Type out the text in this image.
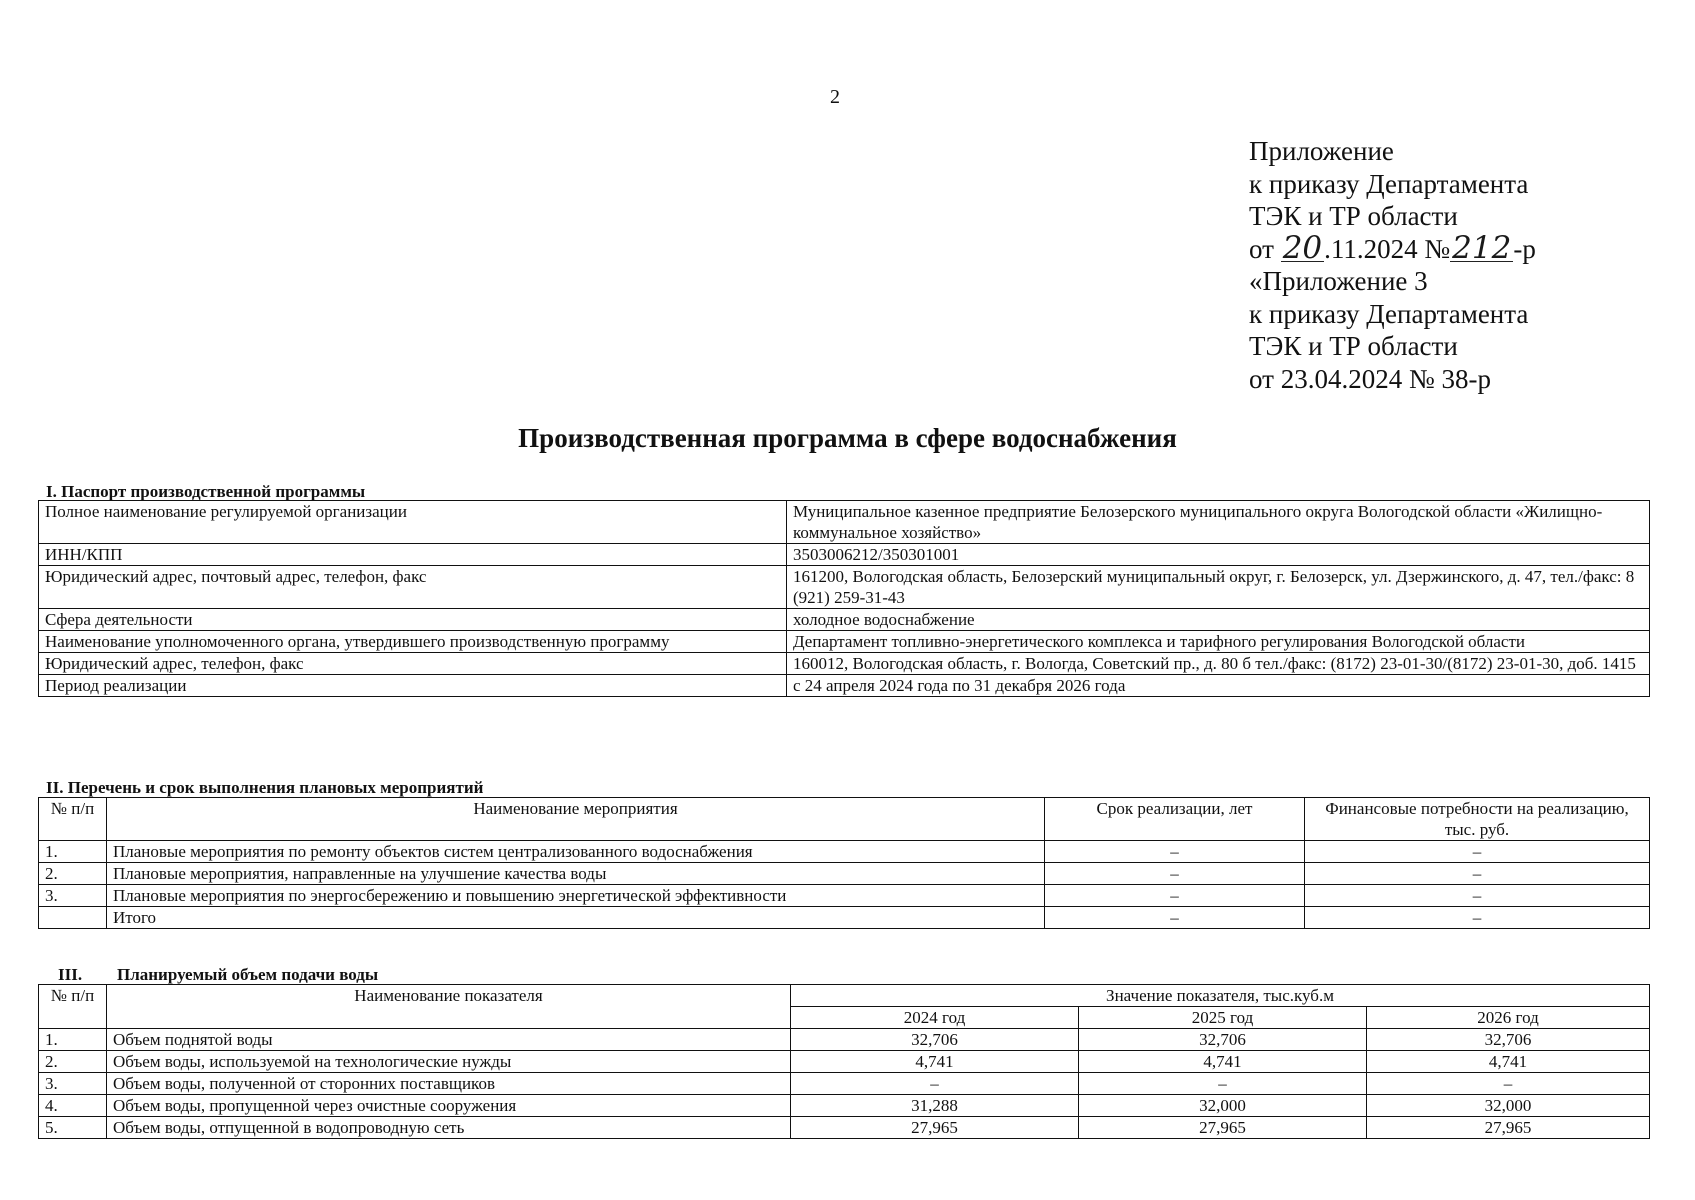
2
Приложение
к приказу Департамента
ТЭК и ТР области
от 20.11.2024 №212-р
«Приложение 3
к приказу Департамента
ТЭК и ТР области
от 23.04.2024 № 38-р
Производственная программа в сфере водоснабжения
I. Паспорт производственной программы
Полное наименование регулируемой организации	Муниципальное казенное предприятие Белозерского муниципального округа Вологодской области «Жилищно-коммунальное хозяйство»
ИНН/КПП	3503006212/350301001
Юридический адрес, почтовый адрес, телефон, факс	161200, Вологодская область, Белозерский муниципальный округ, г. Белозерск, ул. Дзержинского, д. 47, тел./факс: 8 (921) 259-31-43
Сфера деятельности	холодное водоснабжение
Наименование уполномоченного органа, утвердившего производственную программу	Департамент топливно-энергетического комплекса и тарифного регулирования Вологодской области
Юридический адрес, телефон, факс	160012, Вологодская область, г. Вологда, Советский пр., д. 80 б тел./факс: (8172) 23-01-30/(8172) 23-01-30, доб. 1415
Период реализации	с 24 апреля 2024 года по 31 декабря 2026 года
II. Перечень и срок выполнения плановых мероприятий
№ п/п	Наименование мероприятия	Срок реализации, лет	Финансовые потребности на реализацию, тыс. руб.
1.	Плановые мероприятия по ремонту объектов систем централизованного водоснабжения	–	–
2.	Плановые мероприятия, направленные на улучшение качества воды	–	–
3.	Плановые мероприятия по энергосбережению и повышению энергетической эффективности	–	–
	Итого	–	–
III. Планируемый объем подачи воды
№ п/п	Наименование показателя	Значение показателя, тыс.куб.м		
		2024 год	2025 год	2026 год
1.	Объем поднятой воды	32,706	32,706	32,706
2.	Объем воды, используемой на технологические нужды	4,741	4,741	4,741
3.	Объем воды, полученной от сторонних поставщиков	–	–	–
4.	Объем воды, пропущенной через очистные сооружения	31,288	32,000	32,000
5.	Объем воды, отпущенной в водопроводную сеть	27,965	27,965	27,965
